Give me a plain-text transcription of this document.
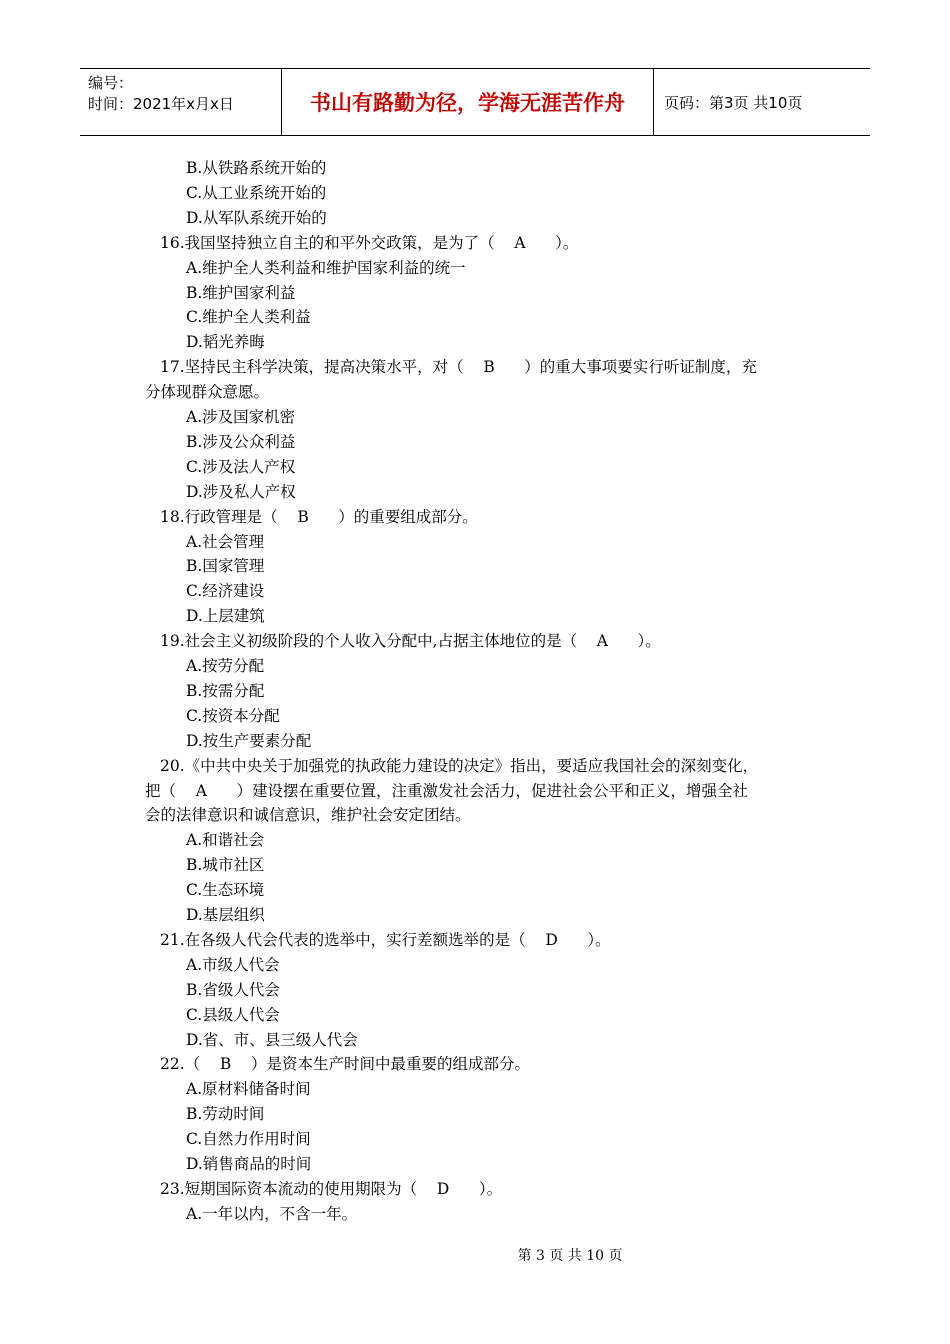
编号：
时间：2021年x月x日	书山有路勤为径，学海无涯苦作舟	页码：第3页 共10页
B.从铁路系统开始的
C.从工业系统开始的
D.从军队系统开始的
16.我国坚持独立自主的和平外交政策，是为了（    A      ）。
A.维护全人类利益和维护国家利益的统一
B.维护国家利益
C.维护全人类利益
D.韬光养晦
17.坚持民主科学决策，提高决策水平，对（    B      ）的重大事项要实行听证制度，充
分体现群众意愿。
A.涉及国家机密
B.涉及公众利益
C.涉及法人产权
D.涉及私人产权
18.行政管理是（    B      ）的重要组成部分。
A.社会管理
B.国家管理
C.经济建设
D.上层建筑
19.社会主义初级阶段的个人收入分配中,占据主体地位的是（    A      ）。
A.按劳分配
B.按需分配
C.按资本分配
D.按生产要素分配
20.《中共中央关于加强党的执政能力建设的决定》指出，要适应我国社会的深刻变化，
把（    A      ）建设摆在重要位置，注重激发社会活力，促进社会公平和正义，增强全社
会的法律意识和诚信意识，维护社会安定团结。
A.和谐社会
B.城市社区
C.生态环境
D.基层组织
21.在各级人代会代表的选举中，实行差额选举的是（    D      ）。
A.市级人代会
B.省级人代会
C.县级人代会
D.省、市、县三级人代会
22.（    B    ）是资本生产时间中最重要的组成部分。
A.原材料储备时间
B.劳动时间
C.自然力作用时间
D.销售商品的时间
23.短期国际资本流动的使用期限为（    D      ）。
A.一年以内，不含一年。
第 3 页 共 10 页
